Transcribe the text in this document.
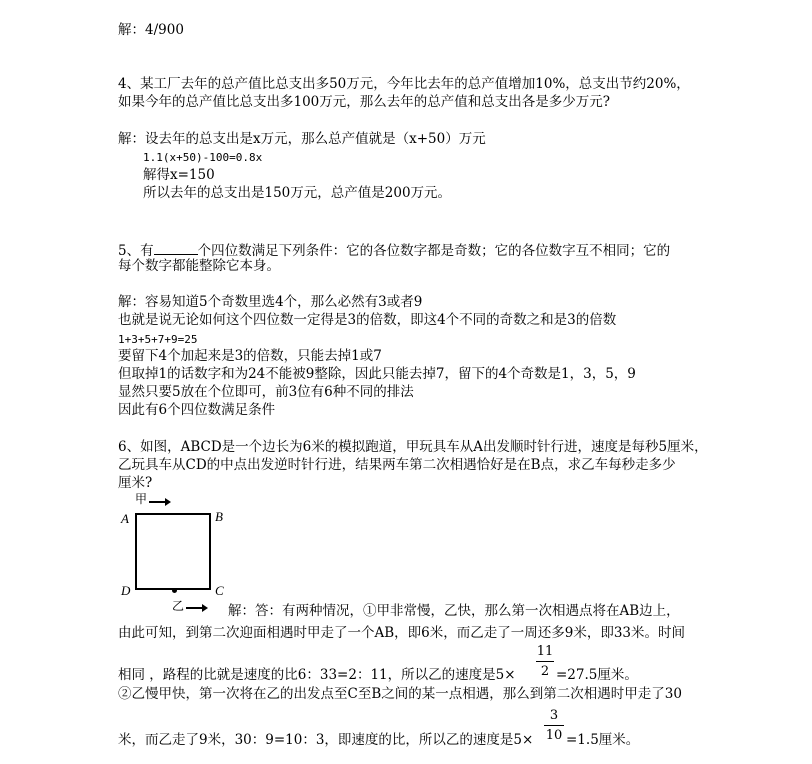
解：4/900
4、某工厂去年的总产值比总支出多50万元，今年比去年的总产值增加10%，总支出节约20%，
如果今年的总产值比总支出多100万元，那么去年的总产值和总支出各是多少万元?
解：设去年的总支出是x万元，那么总产值就是（x+50）万元
1.1(x+50)-100=0.8x
解得x=150
所以去年的总支出是150万元，总产值是200万元。
5、有	个四位数满足下列条件：它的各位数字都是奇数；它的各位数字互不相同；它的
每个数字都能整除它本身。
解：容易知道5个奇数里选4个，那么必然有3或者9
也就是说无论如何这个四位数一定得是3的倍数，即这4个不同的奇数之和是3的倍数
1+3+5+7+9=25
要留下4个加起来是3的倍数，只能去掉1或7
但取掉1的话数字和为24不能被9整除，因此只能去掉7，留下的4个奇数是1，3，5，9
显然只要5放在个位即可，前3位有6种不同的排法
因此有6个四位数满足条件
6、如图，ABCD是一个边长为6米的模拟跑道，甲玩具车从A出发顺时针行进，速度是每秒5厘米，
乙玩具车从CD的中点出发逆时针行进，结果两车第二次相遇恰好是在B点，求乙车每秒走多少
厘米?
甲
A	B
D	C
乙	解：答：有两种情况，①甲非常慢，乙快，那么第一次相遇点将在AB边上，
由此可知，到第二次迎面相遇时甲走了一个AB，即6米，而乙走了一周还多9米，即33米。时间
相同 ，路程的比就是速度的比6：33=2：11，所以乙的速度是5×
11
2 =27.5厘米。
②乙慢甲快，第一次将在乙的出发点至C至B之间的某一点相遇，那么到第二次相遇时甲走了30
米，而乙走了9米，30：9=10：3，即速度的比，所以乙的速度是5×
3
10 =1.5厘米。
